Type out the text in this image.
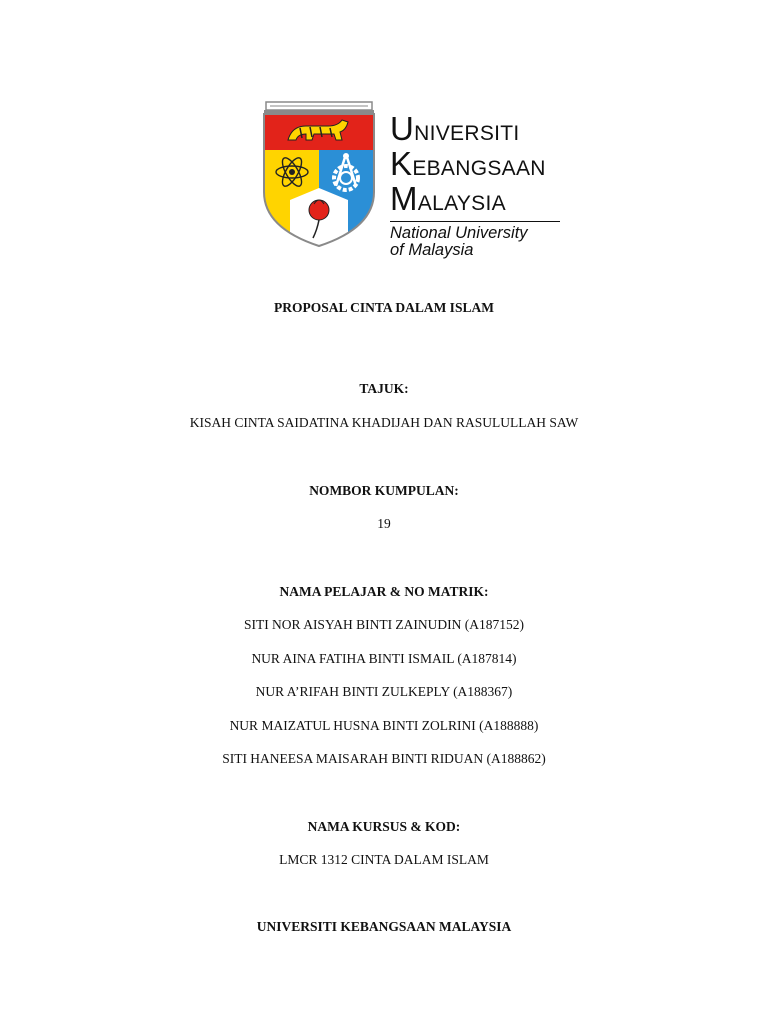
UNIVERSITI
KEBANGSAAN
MALAYSIA
National University
of Malaysia
PROPOSAL CINTA DALAM ISLAM
TAJUK:
KISAH CINTA SAIDATINA KHADIJAH DAN RASULULLAH SAW
NOMBOR KUMPULAN:
19
NAMA PELAJAR & NO MATRIK:
SITI NOR AISYAH BINTI ZAINUDIN (A187152)
NUR AINA FATIHA BINTI ISMAIL (A187814)
NUR A’RIFAH BINTI ZULKEPLY (A188367)
NUR MAIZATUL HUSNA BINTI ZOLRINI (A188888)
SITI HANEESA MAISARAH BINTI RIDUAN (A188862)
NAMA KURSUS & KOD:
LMCR 1312 CINTA DALAM ISLAM
UNIVERSITI KEBANGSAAN MALAYSIA
